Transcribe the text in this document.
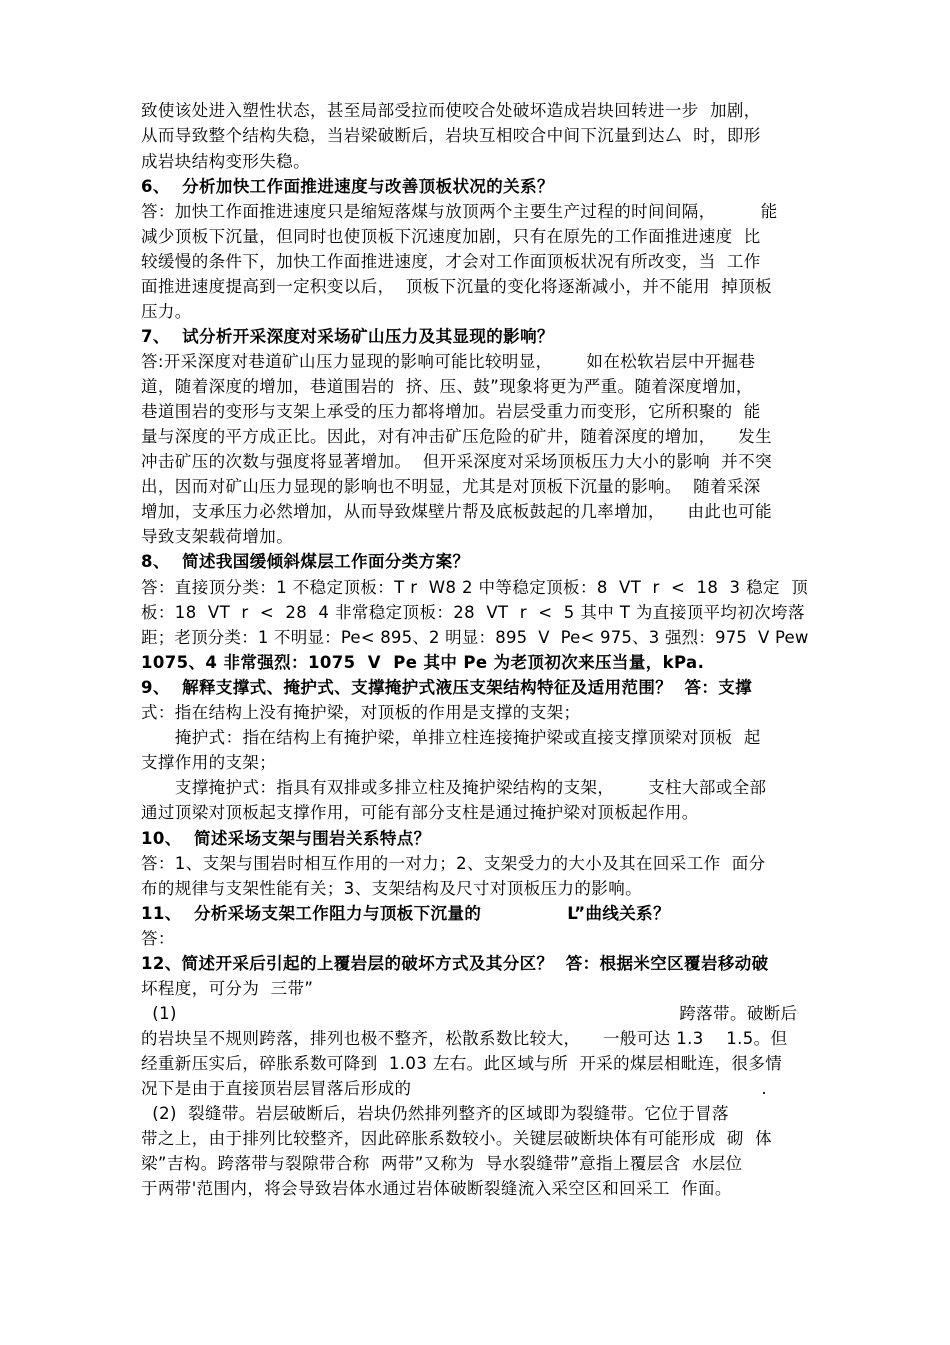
致使该处进入塑性状态，甚至局部受拉而使咬合处破坏造成岩块回转进一步  加剧，

从而导致整个结构失稳，当岩梁破断后，岩块互相咬合中间下沉量到达厶  时，即形

成岩块结构变形失稳。

6、  分析加快工作面推进速度与改善顶板状况的关系？

答：加快工作面推进速度只是缩短落煤与放顶两个主要生产过程的时间间隔，        能

减少顶板下沉量，但同时也使顶板下沉速度加剧，只有在原先的工作面推进速度  比

较缓慢的条件下，加快工作面推进速度，才会对工作面顶板状况有所改变，当  工作

面推进速度提高到一定积变以后，  顶板下沉量的变化将逐渐减小，并不能用  掉顶板

压力。

7、  试分析开采深度对采场矿山压力及其显现的影响？

答:开采深度对巷道矿山压力显现的影响可能比较明显，      如在松软岩层中开掘巷

道，随着深度的增加，巷道围岩的  挤、压、鼓”现象将更为严重。随着深度增加，

巷道围岩的变形与支架上承受的压力都将增加。岩层受重力而变形，它所积聚的  能

量与深度的平方成正比。因此，对有冲击矿压危险的矿井，随着深度的增加，    发生

冲击矿压的次数与强度将显著增加。  但开采深度对采场顶板压力大小的影响  并不突

出，因而对矿山压力显现的影响也不明显，尤其是对顶板下沉量的影响。  随着采深

增加，支承压力必然增加，从而导致煤壁片帮及底板鼓起的几率增加，    由此也可能

导致支架载荷增加。

8、  简述我国缓倾斜煤层工作面分类方案？

答：直接顶分类：1 不稳定顶板：T r  W8 2 中等稳定顶板：8  VT  r  <  18  3 稳定  顶

板：18  VT  r  <  28  4 非常稳定顶板：28  VT  r  <  5 其中 T 为直接顶平均初次垮落

距；老顶分类：1 不明显：Pe< 895、2 明显：895  V  Pe< 975、3 强烈：975  V Pew

1075、4 非常强烈：1075  V  Pe 其中 Pe 为老顶初次来压当量，kPa.

9、  解释支撑式、掩护式、支撑掩护式液压支架结构特征及适用范围？  答：支撑

式：指在结构上没有掩护梁，对顶板的作用是支撑的支架；

掩护式：指在结构上有掩护梁，单排立柱连接掩护梁或直接支撑顶梁对顶板  起

支撑作用的支架；

支撑掩护式：指具有双排或多排立柱及掩护梁结构的支架，      支柱大部或全部

通过顶梁对顶板起支撑作用，可能有部分支柱是通过掩护梁对顶板起作用。

10、  简述采场支架与围岩关系特点？

答：1、支架与围岩时相互作用的一对力；2、支架受力的大小及其在回采工作  面分

布的规律与支架性能有关；3、支架结构及尺寸对顶板压力的影响。

11、  分析采场支架工作阻力与顶板下沉量的              L”曲线关系？

答：

12、简述开采后引起的上覆岩层的破坏方式及其分区？  答：根据米空区覆岩移动破

坏程度，可分为  三带”

(1)                                                                                         跨落带。破断后

的岩块呈不规则跨落，排列也极不整齐，松散系数比较大，    一般可达 1.3    1.5。但

经重新压实后，碎胀系数可降到  1.03 左右。此区域与所  开采的煤层相毗连，很多情

况下是由于直接顶岩层冒落后形成的                                                              .

(2)  裂缝带。岩层破断后，岩块仍然排列整齐的区域即为裂缝带。它位于冒落

带之上，由于排列比较整齐，因此碎胀系数较小。关键层破断块体有可能形成  砌  体

梁”吉构。跨落带与裂隙带合称  两带”又称为  导水裂缝带”意指上覆层含  水层位

于两带'范围内，将会导致岩体水通过岩体破断裂缝流入采空区和回采工  作面。
